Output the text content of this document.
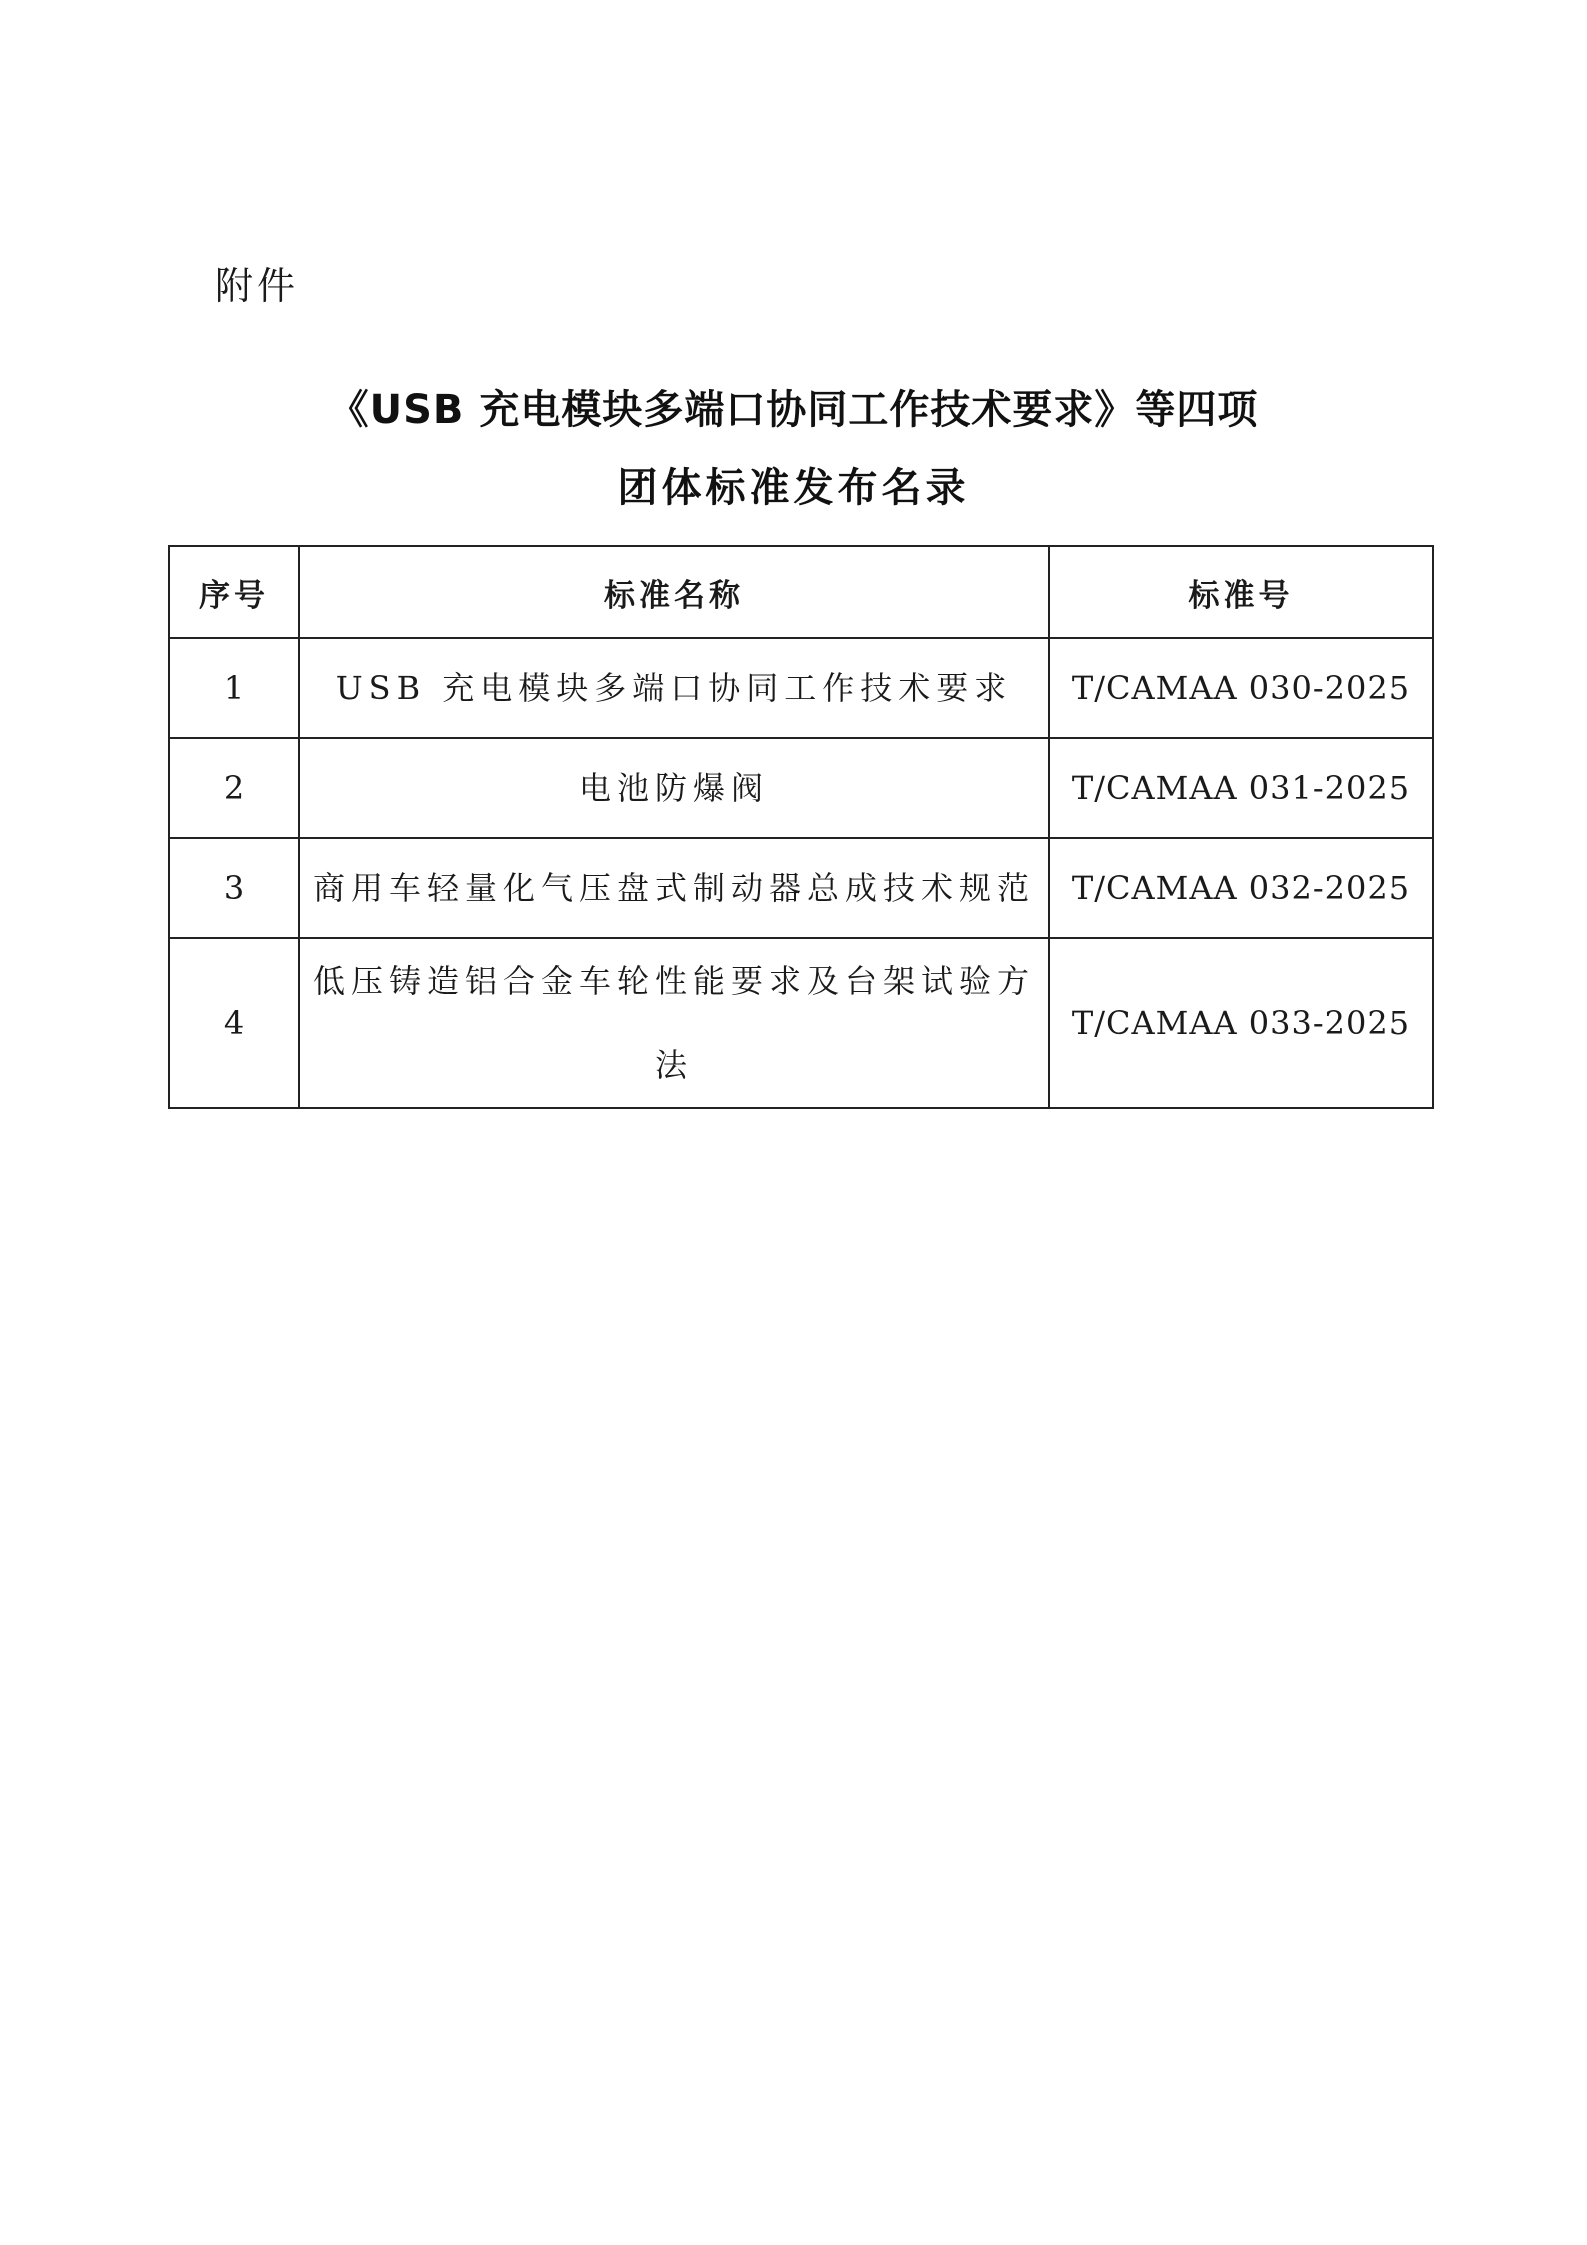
附件
《USB 充电模块多端口协同工作技术要求》等四项
团体标准发布名录
序号	标准名称	标准号
1	USB 充电模块多端口协同工作技术要求	T/CAMAA 030-2025
2	电池防爆阀	T/CAMAA 031-2025
3	商用车轻量化气压盘式制动器总成技术规范	T/CAMAA 032-2025
4	低压铸造铝合金车轮性能要求及台架试验方法	T/CAMAA 033-2025
